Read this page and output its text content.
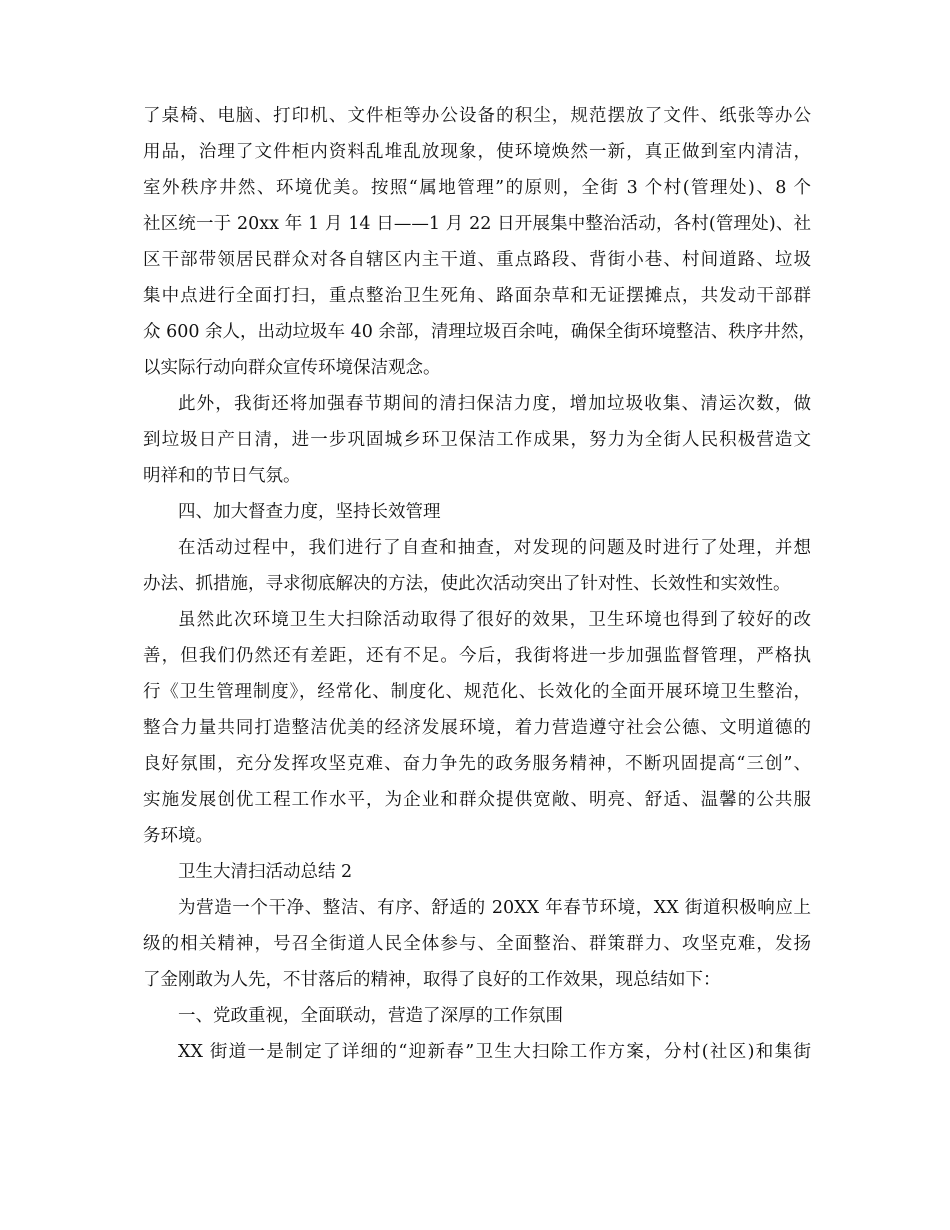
了桌椅、电脑、打印机、文件柜等办公设备的积尘，规范摆放了文件、纸张等办公
用品，治理了文件柜内资料乱堆乱放现象，使环境焕然一新，真正做到室内清洁，
室外秩序井然、环境优美。按照“属地管理”的原则，全街 3 个村(管理处)、8 个
社区统一于 20xx 年 1 月 14 日——1 月 22 日开展集中整治活动，各村(管理处)、社
区干部带领居民群众对各自辖区内主干道、重点路段、背街小巷、村间道路、垃圾
集中点进行全面打扫，重点整治卫生死角、路面杂草和无证摆摊点，共发动干部群
众 600 余人，出动垃圾车 40 余部，清理垃圾百余吨，确保全街环境整洁、秩序井然，
以实际行动向群众宣传环境保洁观念。
此外，我街还将加强春节期间的清扫保洁力度，增加垃圾收集、清运次数，做
到垃圾日产日清，进一步巩固城乡环卫保洁工作成果，努力为全街人民积极营造文
明祥和的节日气氛。
四、加大督查力度，坚持长效管理
在活动过程中，我们进行了自查和抽查，对发现的问题及时进行了处理，并想
办法、抓措施，寻求彻底解决的方法，使此次活动突出了针对性、长效性和实效性。
虽然此次环境卫生大扫除活动取得了很好的效果，卫生环境也得到了较好的改
善，但我们仍然还有差距，还有不足。今后，我街将进一步加强监督管理，严格执
行《卫生管理制度》，经常化、制度化、规范化、长效化的全面开展环境卫生整治，
整合力量共同打造整洁优美的经济发展环境，着力营造遵守社会公德、文明道德的
良好氛围，充分发挥攻坚克难、奋力争先的政务服务精神，不断巩固提高“三创”、
实施发展创优工程工作水平，为企业和群众提供宽敞、明亮、舒适、温馨的公共服
务环境。
卫生大清扫活动总结 2
为营造一个干净、整洁、有序、舒适的 20XX 年春节环境，XX 街道积极响应上
级的相关精神，号召全街道人民全体参与、全面整治、群策群力、攻坚克难，发扬
了金刚敢为人先，不甘落后的精神，取得了良好的工作效果，现总结如下：
一、党政重视，全面联动，营造了深厚的工作氛围
XX 街道一是制定了详细的“迎新春”卫生大扫除工作方案，分村(社区)和集街
